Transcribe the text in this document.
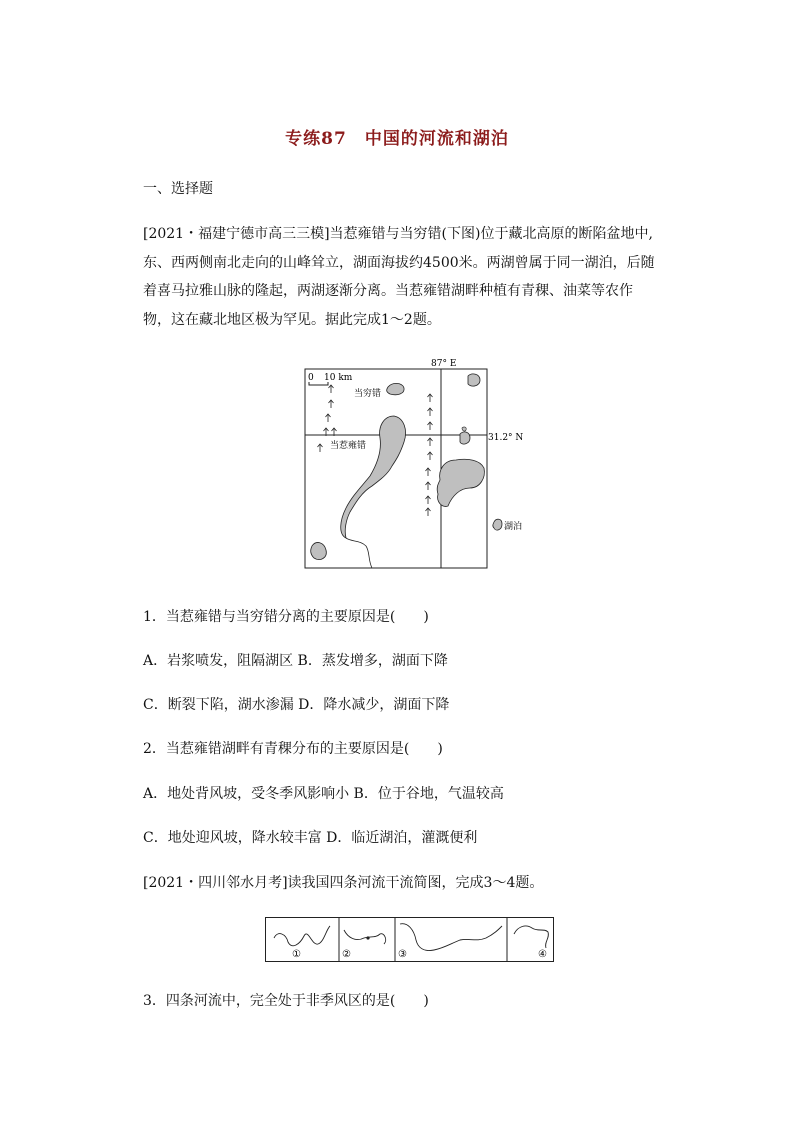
专练87　中国的河流和湖泊
一、选择题

[2021・福建宁德市高三三模]当惹雍错与当穷错(下图)位于藏北高原的断陷盆地中,东、西两侧南北走向的山峰耸立，湖面海拔约4500米。两湖曾属于同一湖泊，后随着喜马拉雅山脉的隆起，两湖逐渐分离。当惹雍错湖畔种植有青稞、油菜等农作物，这在藏北地区极为罕见。据此完成1～2题。

87° E
31.2° N
0 10 km
当穷错
当惹雍错
湖泊
1．当惹雍错与当穷错分离的主要原因是(　　)
A．岩浆喷发，阻隔湖区 B．蒸发增多，湖面下降
C．断裂下陷，湖水渗漏 D．降水减少，湖面下降
2．当惹雍错湖畔有青稞分布的主要原因是(　　)
A．地处背风坡，受冬季风影响小 B．位于谷地，气温较高
C．地处迎风坡，降水较丰富 D．临近湖泊，灌溉便利
[2021・四川邻水月考]读我国四条河流干流简图，完成3～4题。
①	②	③	④
3．四条河流中，完全处于非季风区的是(　　)
